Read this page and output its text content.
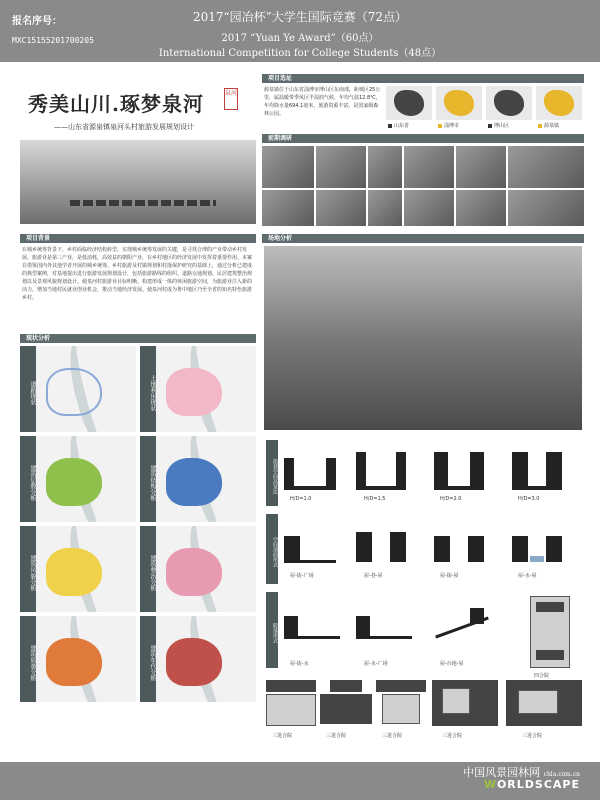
报名序号：
MXC15155201700205
2017“园冶杯”大学生国际竞赛（72点）
2017 “Yuan Ye Award”（60点）
International Competition for College Students（48点）
秀美山川.琢梦泉河	泉河
——山东省源泉镇泉河头村旅游发展规划设计
项目选址
源泉镇位于山东省淄博市博山区东南部，距城区25公里，属温暖带季风区半湿润气候，年均气温12.8℃，年均降水量694.1毫米，旅游资源丰富，是国家级森林公园。
山东省	淄博市	博山区	源泉镇
前期调研
项目背景
在城乡统筹背景下，乡村面临经济结构转型。实现城乡统筹发展的关键，是寻找合理的产业带动乡村发展。旅游业是第三产业，是低消耗、高效益的朝阳产业，在乡村地区的经济发展中发挥着重要作用。本案在借鉴国内外其他学者开展的城乡统筹、乡村旅游及村镇规划和村落保护研究的基础上，通过分析已建成的典型案例，对基地提出进行旅游发展规划设计，包括旅游路线的组织、道路交通规划、民居建筑整治规划以及景观风貌规划设计。使泉河村旅游业目标明晰。构建形成一体的休闲旅游空间，为旅游业注入新的活力，增加当地村民就业创业机会，推动当地经济发展。使泉河村成为鲁中地区乃至全省的知名特色旅游乡村。
场地分析
现状分析
道路现状	土地利用现状
建筑层数分析	建筑结构分析
建筑风貌分析	建筑整治分析
建筑质量分析	建筑年代分析
街巷空间高宽比
H/D=1.0	H/D=1.5	H/D=2.0	H/D=3.0
空间剖面形式
屋-街-广场	屋-巷-屋	屋-街-屋	屋-水-屋
院落形式
屋-街-水	屋-水-广场	屋-台地-屋
四合院
三进合院	三进合院	三进合院	三进合院	三进合院
中国风景园林网 chla.com.cn
WORLDSCAPE
